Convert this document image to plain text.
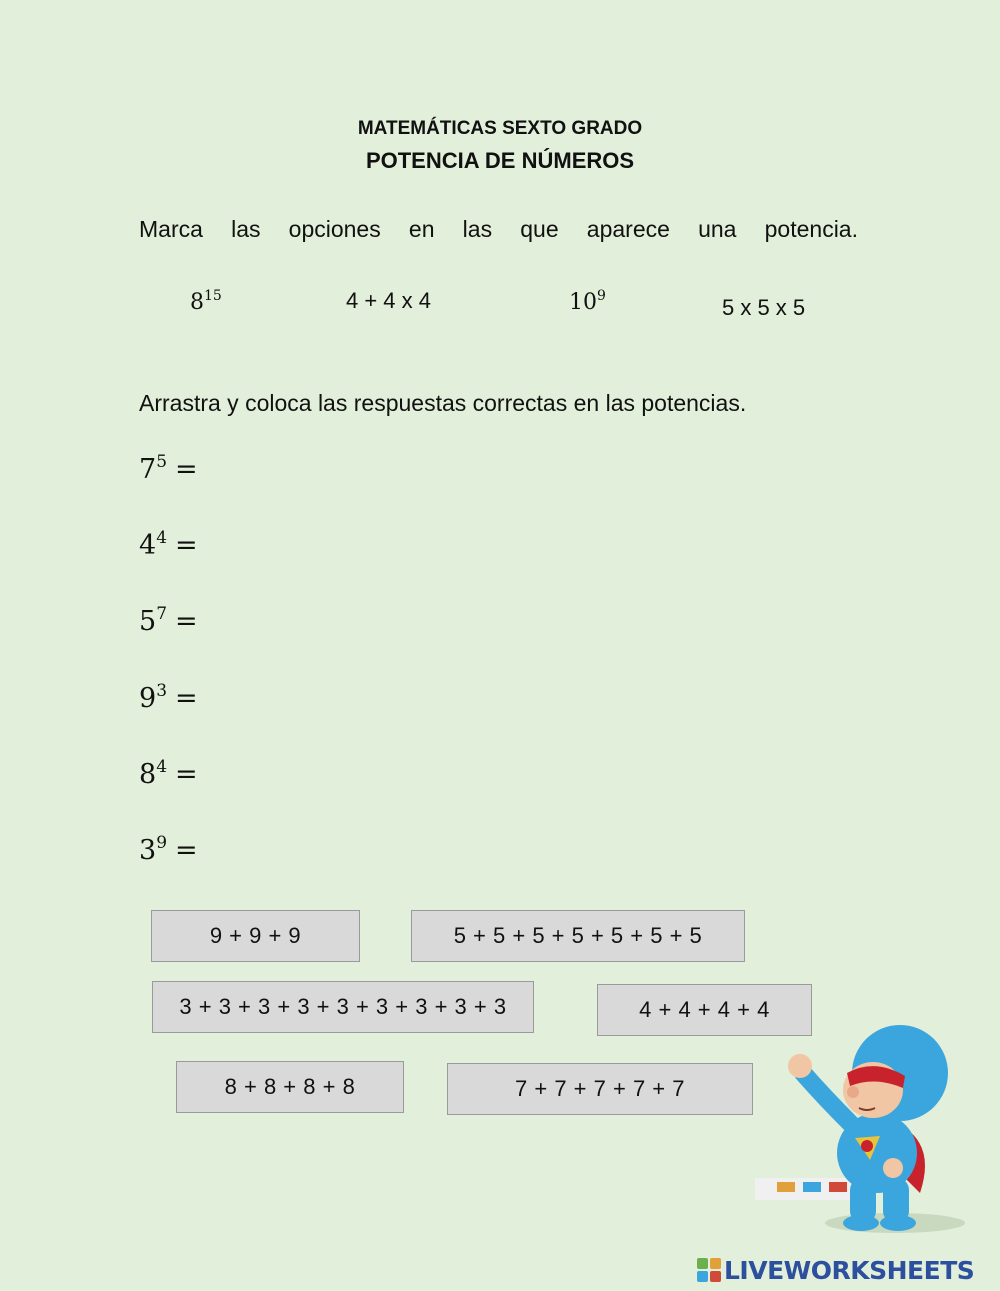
MATEMÁTICAS SEXTO GRADO
POTENCIA DE NÚMEROS
Marca las opciones en las que aparece una potencia.
$8^{15}$	4 + 4 x 4	$10^9$	5 x 5 x 5
Arrastra y coloca las respuestas correctas en las potencias.
$7^5$ =
$4^4$ =
$5^7$ =
$9^3$ =
$8^4$ =
$3^9$ =
9 + 9 + 9	5 + 5 + 5 + 5 + 5 + 5 + 5
3 + 3 + 3 + 3 + 3 + 3 + 3 + 3 + 3	4 + 4 + 4 + 4
8 + 8 + 8 + 8	7 + 7 + 7 + 7 + 7
LIVEWORKSHEETS
